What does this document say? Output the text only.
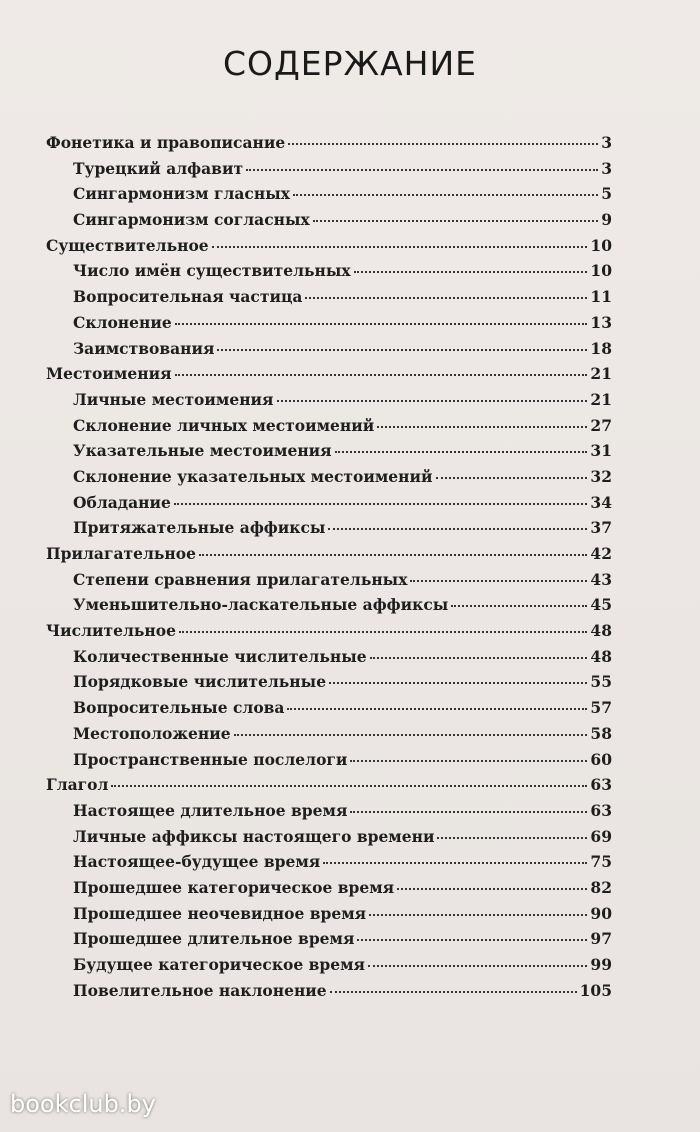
СОДЕРЖАНИЕ
Фонетика и правописание	3
Турецкий алфавит	3
Сингармонизм гласных	5
Сингармонизм согласных	9
Существительное	10
Число имён существительных	10
Вопросительная частица	11
Склонение	13
Заимствования	18
Местоимения	21
Личные местоимения	21
Склонение личных местоимений	27
Указательные местоимения	31
Склонение указательных местоимений	32
Обладание	34
Притяжательные аффиксы	37
Прилагательное	42
Степени сравнения прилагательных	43
Уменьшительно-ласкательные аффиксы	45
Числительное	48
Количественные числительные	48
Порядковые числительные	55
Вопросительные слова	57
Местоположение	58
Пространственные послелоги	60
Глагол	63
Настоящее длительное время	63
Личные аффиксы настоящего времени	69
Настоящее-будущее время	75
Прошедшее категорическое время	82
Прошедшее неочевидное время	90
Прошедшее длительное время	97
Будущее категорическое время	99
Повелительное наклонение	105
bookclub.by
